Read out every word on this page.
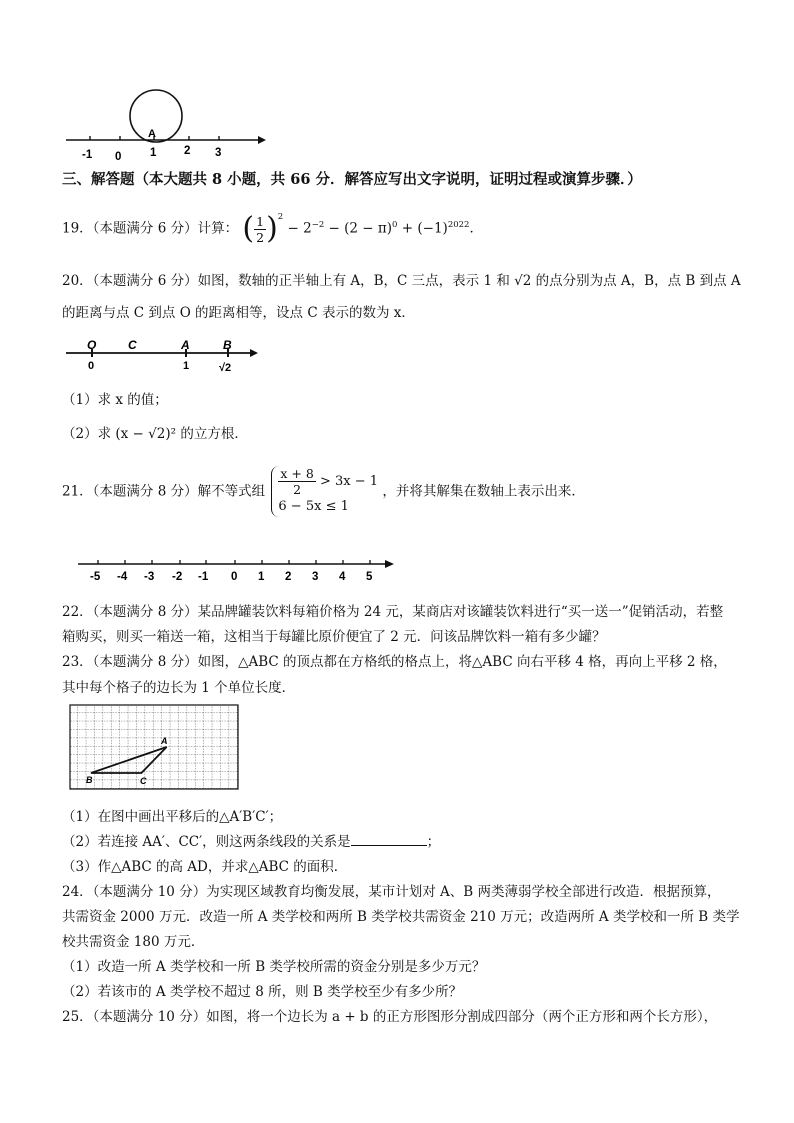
A
-1 0 1 2 3
三、解答题（本大题共 8 小题，共 66 分．解答应写出文字说明，证明过程或演算步骤．）
19．（本题满分 6 分）计算： ( $\frac{1}{2} )^2 - 2^{-2} - (2 - \pi)^0 + (-1)^{2022}$．
20．（本题满分 6 分）如图，数轴的正半轴上有 A，B，C 三点，表示 1 和 √2 的点分别为点 A，B，点 B 到点 A
的距离与点 C 到点 O 的距离相等，设点 C 表示的数为 x．
O	C	A	B
0	1	√2
（1）求 x 的值；
（2）求 (x − √2)² 的立方根．
21．（本题满分 8 分）解不等式组 $\frac{x + 8}{2} > 3x - 1$
6 − 5x ≤ 1
，并将其解集在数轴上表示出来．
-5 -4 -3 -2 -1 0 1 2 3 4 5
22．（本题满分 8 分）某品牌罐装饮料每箱价格为 24 元，某商店对该罐装饮料进行“买一送一”促销活动，若整
箱购买，则买一箱送一箱，这相当于每罐比原价便宜了 2 元．问该品牌饮料一箱有多少罐？
23．（本题满分 8 分）如图，△ABC 的顶点都在方格纸的格点上，将△ABC 向右平移 4 格，再向上平移 2 格，
其中每个格子的边长为 1 个单位长度．
A
B	C
（1）在图中画出平移后的△A′B′C′；
（2）若连接 AA′、CC′，则这两条线段的关系是	；
（3）作△ABC 的高 AD，并求△ABC 的面积．
24．（本题满分 10 分）为实现区域教育均衡发展，某市计划对 A、B 两类薄弱学校全部进行改造．根据预算，
共需资金 2000 万元．改造一所 A 类学校和两所 B 类学校共需资金 210 万元；改造两所 A 类学校和一所 B 类学
校共需资金 180 万元．
（1）改造一所 A 类学校和一所 B 类学校所需的资金分别是多少万元？
（2）若该市的 A 类学校不超过 8 所，则 B 类学校至少有多少所？
25．（本题满分 10 分）如图，将一个边长为 a + b 的正方形图形分割成四部分（两个正方形和两个长方形），
